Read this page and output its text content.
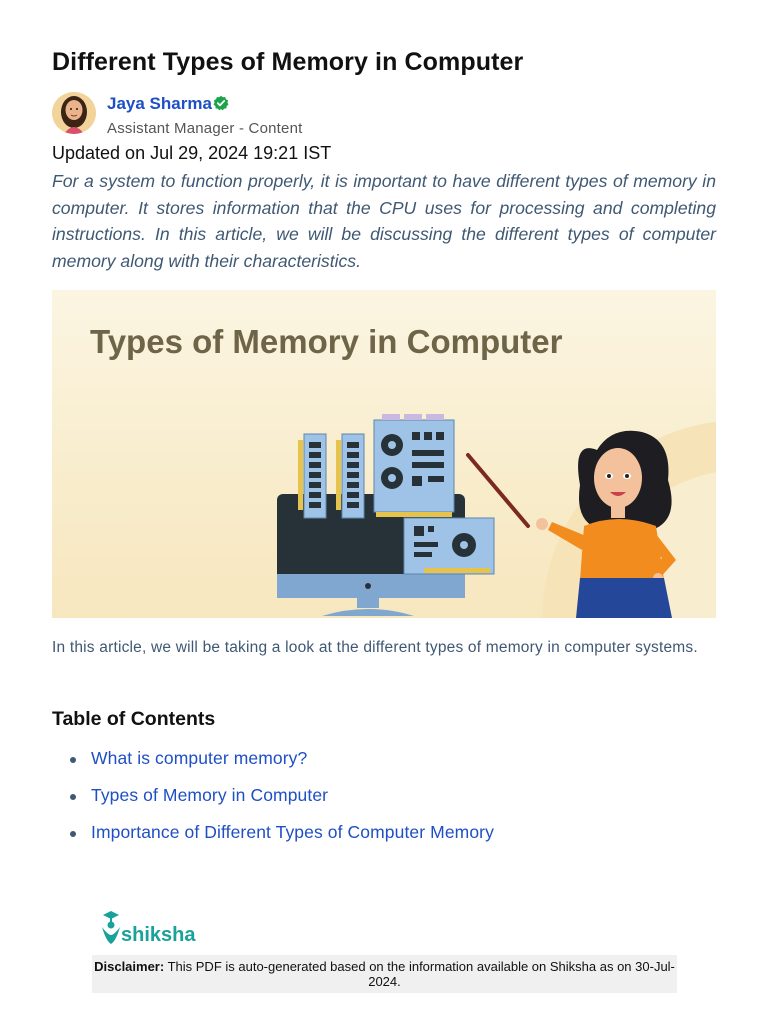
Different Types of Memory in Computer
Jaya Sharma
Assistant Manager - Content
Updated on Jul 29, 2024 19:21 IST

For a system to function properly, it is important to have different types of memory in computer. It stores information that the CPU uses for processing and completing instructions. In this article, we will be discussing the different types of computer memory along with their characteristics.

Types of Memory in Computer

In this article, we will be taking a look at the different types of memory in computer systems.

Table of Contents
What is computer memory?
Types of Memory in Computer
Importance of Different Types of Computer Memory
shiksha
Disclaimer: This PDF is auto-generated based on the information available on Shiksha as on 30-Jul-2024.
